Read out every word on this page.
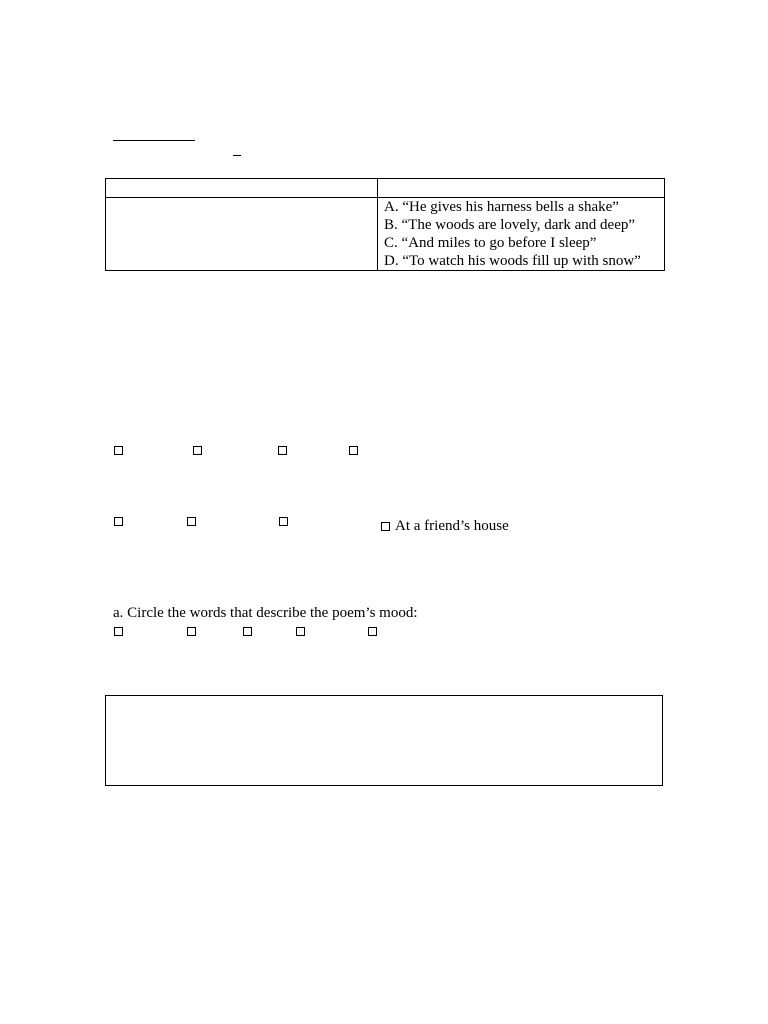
	A. “He gives his harness bells a shake”
B. “The woods are lovely, dark and deep”
C. “And miles to go before I sleep”
D. “To watch his woods fill up with snow”
At a friend’s house
a. Circle the words that describe the poem’s mood:
